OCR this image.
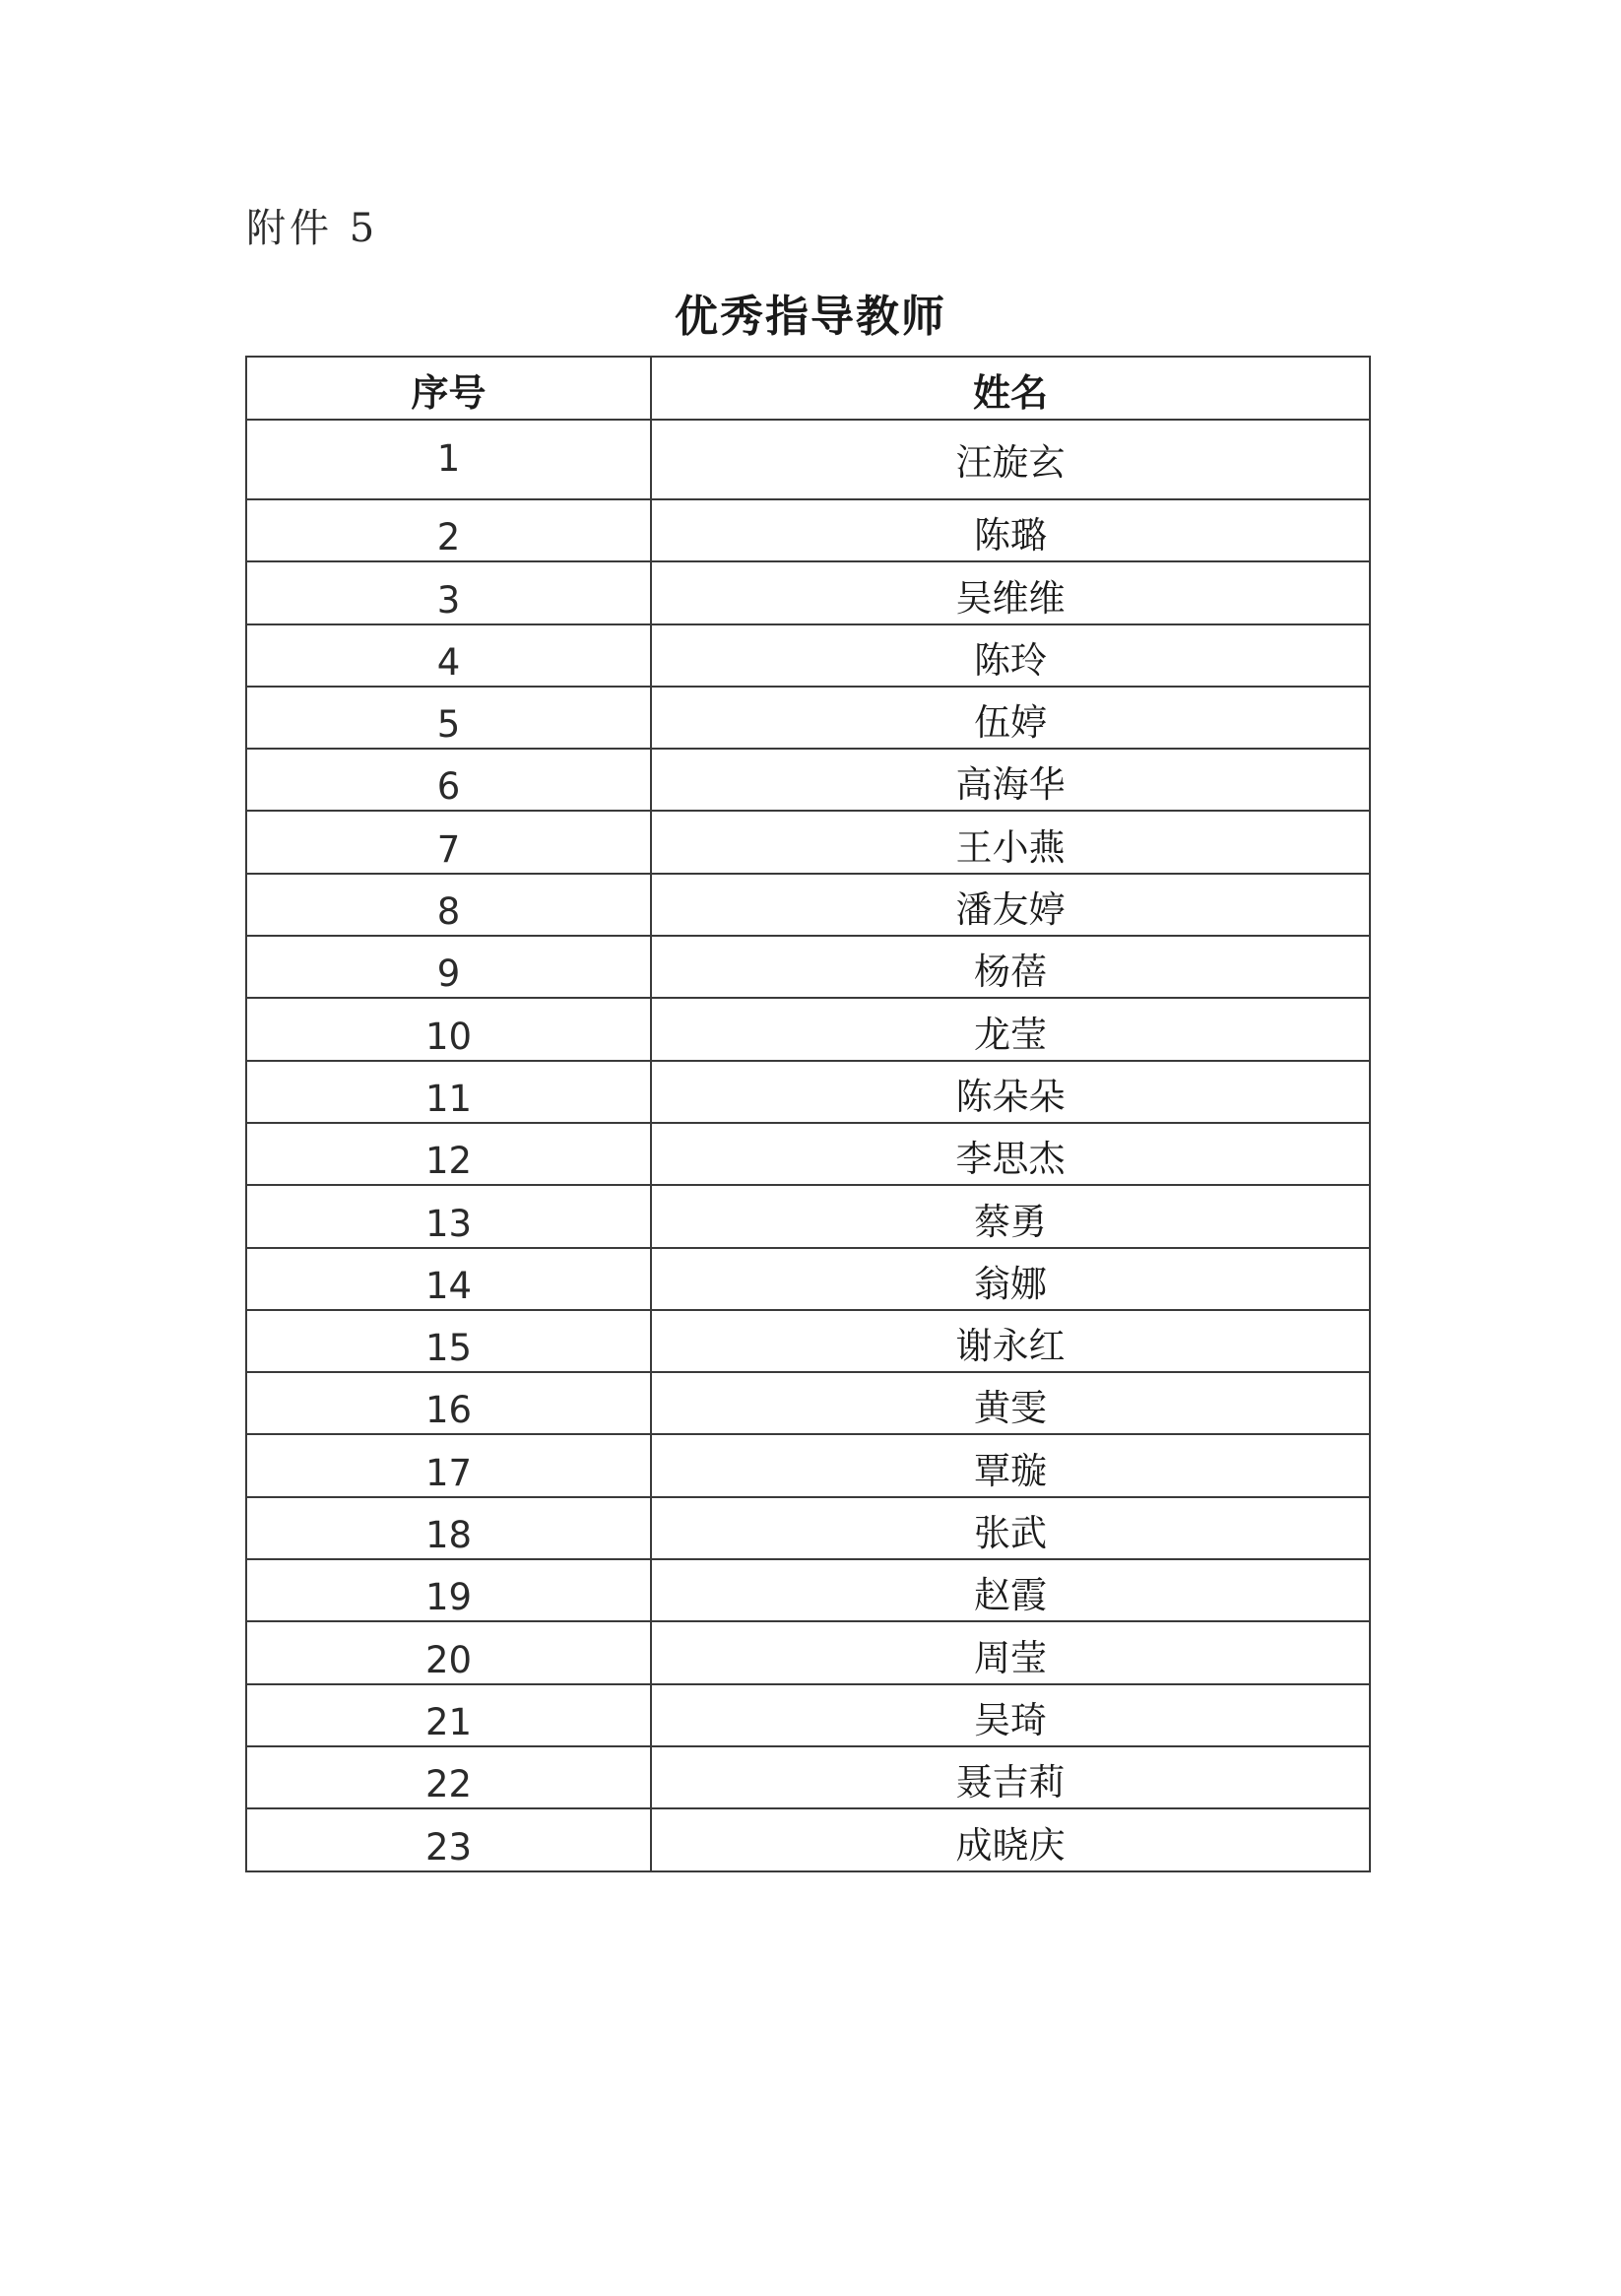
附件 5
优秀指导教师
序号	姓名
1	汪旋玄
2	陈璐
3	吴维维
4	陈玲
5	伍婷
6	高海华
7	王小燕
8	潘友婷
9	杨蓓
10	龙莹
11	陈朵朵
12	李思杰
13	蔡勇
14	翁娜
15	谢永红
16	黄雯
17	覃璇
18	张武
19	赵霞
20	周莹
21	吴琦
22	聂吉莉
23	成晓庆
